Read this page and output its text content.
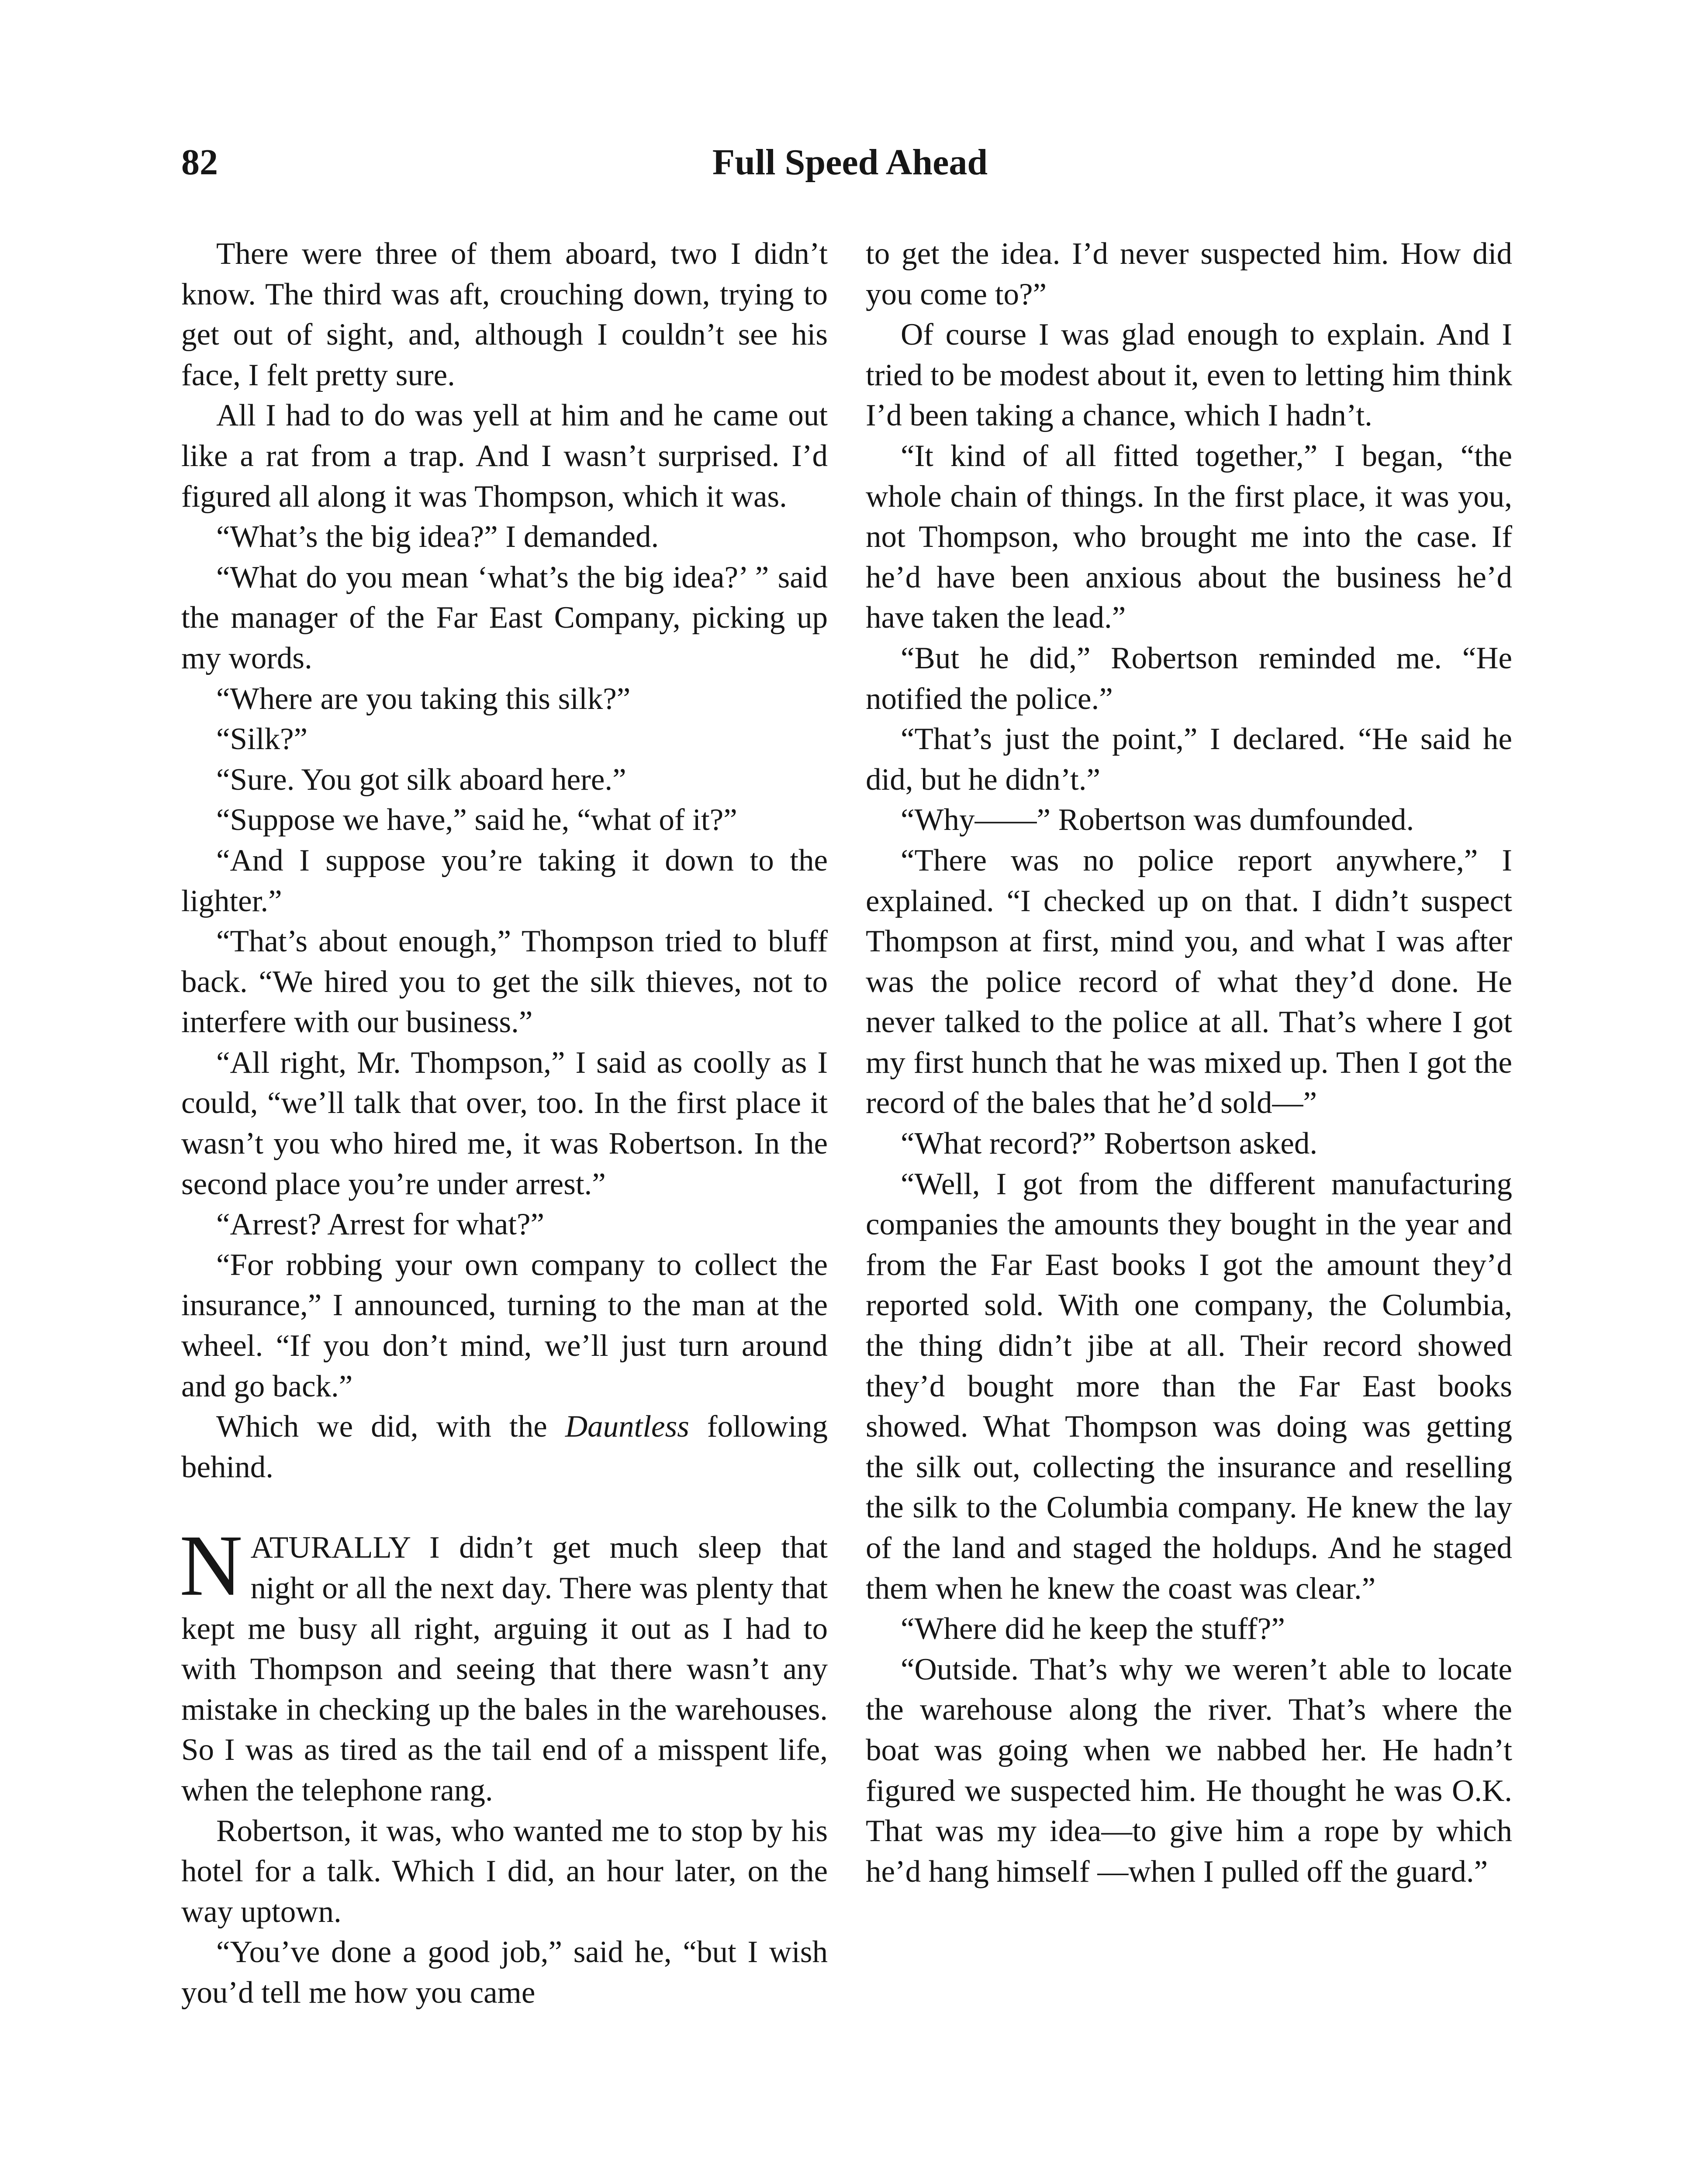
82	Full Speed Ahead

There were three of them aboard, two I didn’t know. The third was aft, crouching down, trying to get out of sight, and, although I couldn’t see his face, I felt pretty sure.

All I had to do was yell at him and he came out like a rat from a trap. And I wasn’t surprised. I’d figured all along it was Thompson, which it was.

“What’s the big idea?” I demanded.

“What do you mean ‘what’s the big idea?’ ” said the manager of the Far East Company, picking up my words.

“Where are you taking this silk?”

“Silk?”

“Sure. You got silk aboard here.”

“Suppose we have,” said he, “what of it?”

“And I suppose you’re taking it down to the lighter.”

“That’s about enough,” Thompson tried to bluff back. “We hired you to get the silk thieves, not to interfere with our business.”

“All right, Mr. Thompson,” I said as coolly as I could, “we’ll talk that over, too. In the first place it wasn’t you who hired me, it was Robertson. In the second place you’re under arrest.”

“Arrest? Arrest for what?”

“For robbing your own company to collect the insurance,” I announced, turning to the man at the wheel. “If you don’t mind, we’ll just turn around and go back.”

Which we did, with the Dauntless following behind.

NATURALLY I didn’t get much sleep that night or all the next day. There was plenty that kept me busy all right, arguing it out as I had to with Thompson and seeing that there wasn’t any mistake in checking up the bales in the warehouses. So I was as tired as the tail end of a misspent life, when the telephone rang.

Robertson, it was, who wanted me to stop by his hotel for a talk. Which I did, an hour later, on the way uptown.

“You’ve done a good job,” said he, “but I wish you’d tell me how you came

to get the idea. I’d never suspected him. How did you come to?”

Of course I was glad enough to explain. And I tried to be modest about it, even to letting him think I’d been taking a chance, which I hadn’t.

“It kind of all fitted together,” I began, “the whole chain of things. In the first place, it was you, not Thompson, who brought me into the case. If he’d have been anxious about the business he’d have taken the lead.”

“But he did,” Robertson reminded me. “He notified the police.”

“That’s just the point,” I declared. “He said he did, but he didn’t.”

“Why——” Robertson was dumfounded.

“There was no police report anywhere,” I explained. “I checked up on that. I didn’t suspect Thompson at first, mind you, and what I was after was the police record of what they’d done. He never talked to the police at all. That’s where I got my first hunch that he was mixed up. Then I got the record of the bales that he’d sold—”

“What record?” Robertson asked.

“Well, I got from the different manufacturing companies the amounts they bought in the year and from the Far East books I got the amount they’d reported sold. With one company, the Columbia, the thing didn’t jibe at all. Their record showed they’d bought more than the Far East books showed. What Thompson was doing was getting the silk out, collecting the insurance and reselling the silk to the Columbia company. He knew the lay of the land and staged the holdups. And he staged them when he knew the coast was clear.”

“Where did he keep the stuff?”

“Outside. That’s why we weren’t able to locate the warehouse along the river. That’s where the boat was going when we nabbed her. He hadn’t figured we suspected him. He thought he was O.K. That was my idea—to give him a rope by which he’d hang himself —when I pulled off the guard.”
